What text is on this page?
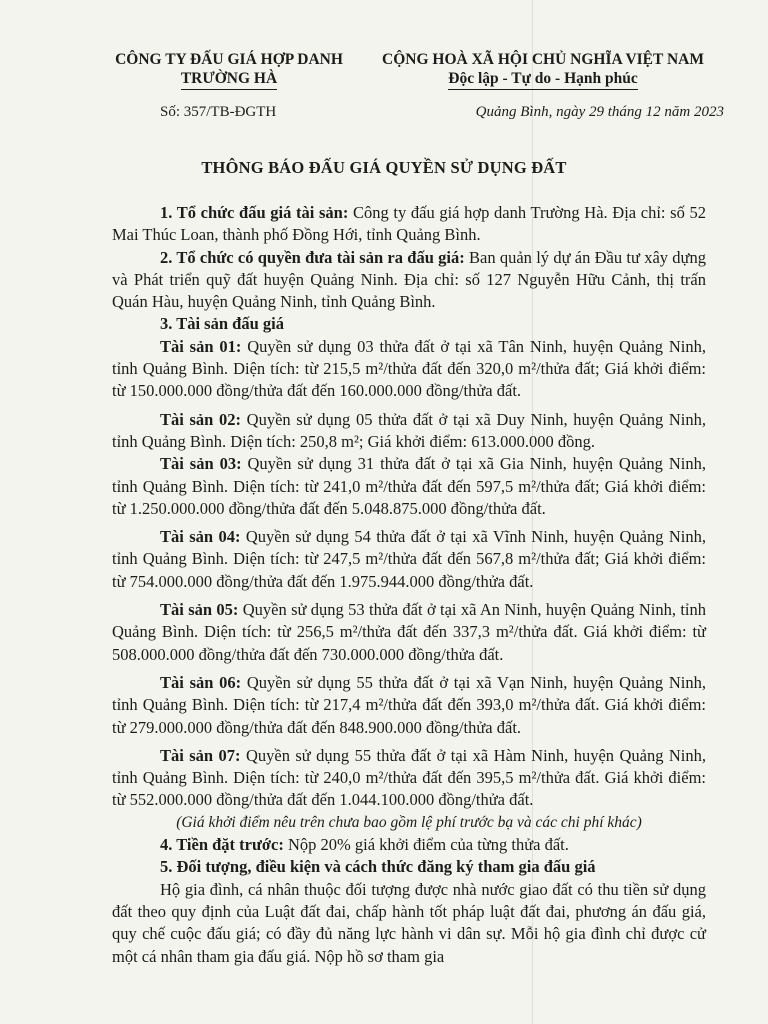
CÔNG TY ĐẤU GIÁ HỢP DANH
TRƯỜNG HÀ
CỘNG HOÀ XÃ HỘI CHỦ NGHĨA VIỆT NAM
Độc lập - Tự do - Hạnh phúc
Số: 357/TB-ĐGTH	Quảng Bình, ngày 29 tháng 12 năm 2023
THÔNG BÁO ĐẤU GIÁ QUYỀN SỬ DỤNG ĐẤT

1. Tổ chức đấu giá tài sản: Công ty đấu giá hợp danh Trường Hà. Địa chỉ: số 52 Mai Thúc Loan, thành phố Đồng Hới, tỉnh Quảng Bình.

2. Tổ chức có quyền đưa tài sản ra đấu giá: Ban quản lý dự án Đầu tư xây dựng và Phát triển quỹ đất huyện Quảng Ninh. Địa chỉ: số 127 Nguyễn Hữu Cảnh, thị trấn Quán Hàu, huyện Quảng Ninh, tỉnh Quảng Bình.

3. Tài sản đấu giá

Tài sản 01: Quyền sử dụng 03 thửa đất ở tại xã Tân Ninh, huyện Quảng Ninh, tỉnh Quảng Bình. Diện tích: từ 215,5 m²/thửa đất đến 320,0 m²/thửa đất; Giá khởi điểm: từ 150.000.000 đồng/thửa đất đến 160.000.000 đồng/thửa đất.

Tài sản 02: Quyền sử dụng 05 thửa đất ở tại xã Duy Ninh, huyện Quảng Ninh, tỉnh Quảng Bình. Diện tích: 250,8 m²; Giá khởi điểm: 613.000.000 đồng.

Tài sản 03: Quyền sử dụng 31 thửa đất ở tại xã Gia Ninh, huyện Quảng Ninh, tỉnh Quảng Bình. Diện tích: từ 241,0 m²/thửa đất đến 597,5 m²/thửa đất; Giá khởi điểm: từ 1.250.000.000 đồng/thửa đất đến 5.048.875.000 đồng/thửa đất.

Tài sản 04: Quyền sử dụng 54 thửa đất ở tại xã Vĩnh Ninh, huyện Quảng Ninh, tỉnh Quảng Bình. Diện tích: từ 247,5 m²/thửa đất đến 567,8 m²/thửa đất; Giá khởi điểm: từ 754.000.000 đồng/thửa đất đến 1.975.944.000 đồng/thửa đất.

Tài sản 05: Quyền sử dụng 53 thửa đất ở tại xã An Ninh, huyện Quảng Ninh, tỉnh Quảng Bình. Diện tích: từ 256,5 m²/thửa đất đến 337,3 m²/thửa đất. Giá khởi điểm: từ 508.000.000 đồng/thửa đất đến 730.000.000 đồng/thửa đất.

Tài sản 06: Quyền sử dụng 55 thửa đất ở tại xã Vạn Ninh, huyện Quảng Ninh, tỉnh Quảng Bình. Diện tích: từ 217,4 m²/thửa đất đến 393,0 m²/thửa đất. Giá khởi điểm: từ 279.000.000 đồng/thửa đất đến 848.900.000 đồng/thửa đất.

Tài sản 07: Quyền sử dụng 55 thửa đất ở tại xã Hàm Ninh, huyện Quảng Ninh, tỉnh Quảng Bình. Diện tích: từ 240,0 m²/thửa đất đến 395,5 m²/thửa đất. Giá khởi điểm: từ 552.000.000 đồng/thửa đất đến 1.044.100.000 đồng/thửa đất.

(Giá khởi điểm nêu trên chưa bao gồm lệ phí trước bạ và các chi phí khác)

4. Tiền đặt trước: Nộp 20% giá khởi điểm của từng thửa đất.

5. Đối tượng, điều kiện và cách thức đăng ký tham gia đấu giá

Hộ gia đình, cá nhân thuộc đối tượng được nhà nước giao đất có thu tiền sử dụng đất theo quy định của Luật đất đai, chấp hành tốt pháp luật đất đai, phương án đấu giá, quy chế cuộc đấu giá; có đầy đủ năng lực hành vi dân sự. Mỗi hộ gia đình chỉ được cử một cá nhân tham gia đấu giá. Nộp hồ sơ tham gia
